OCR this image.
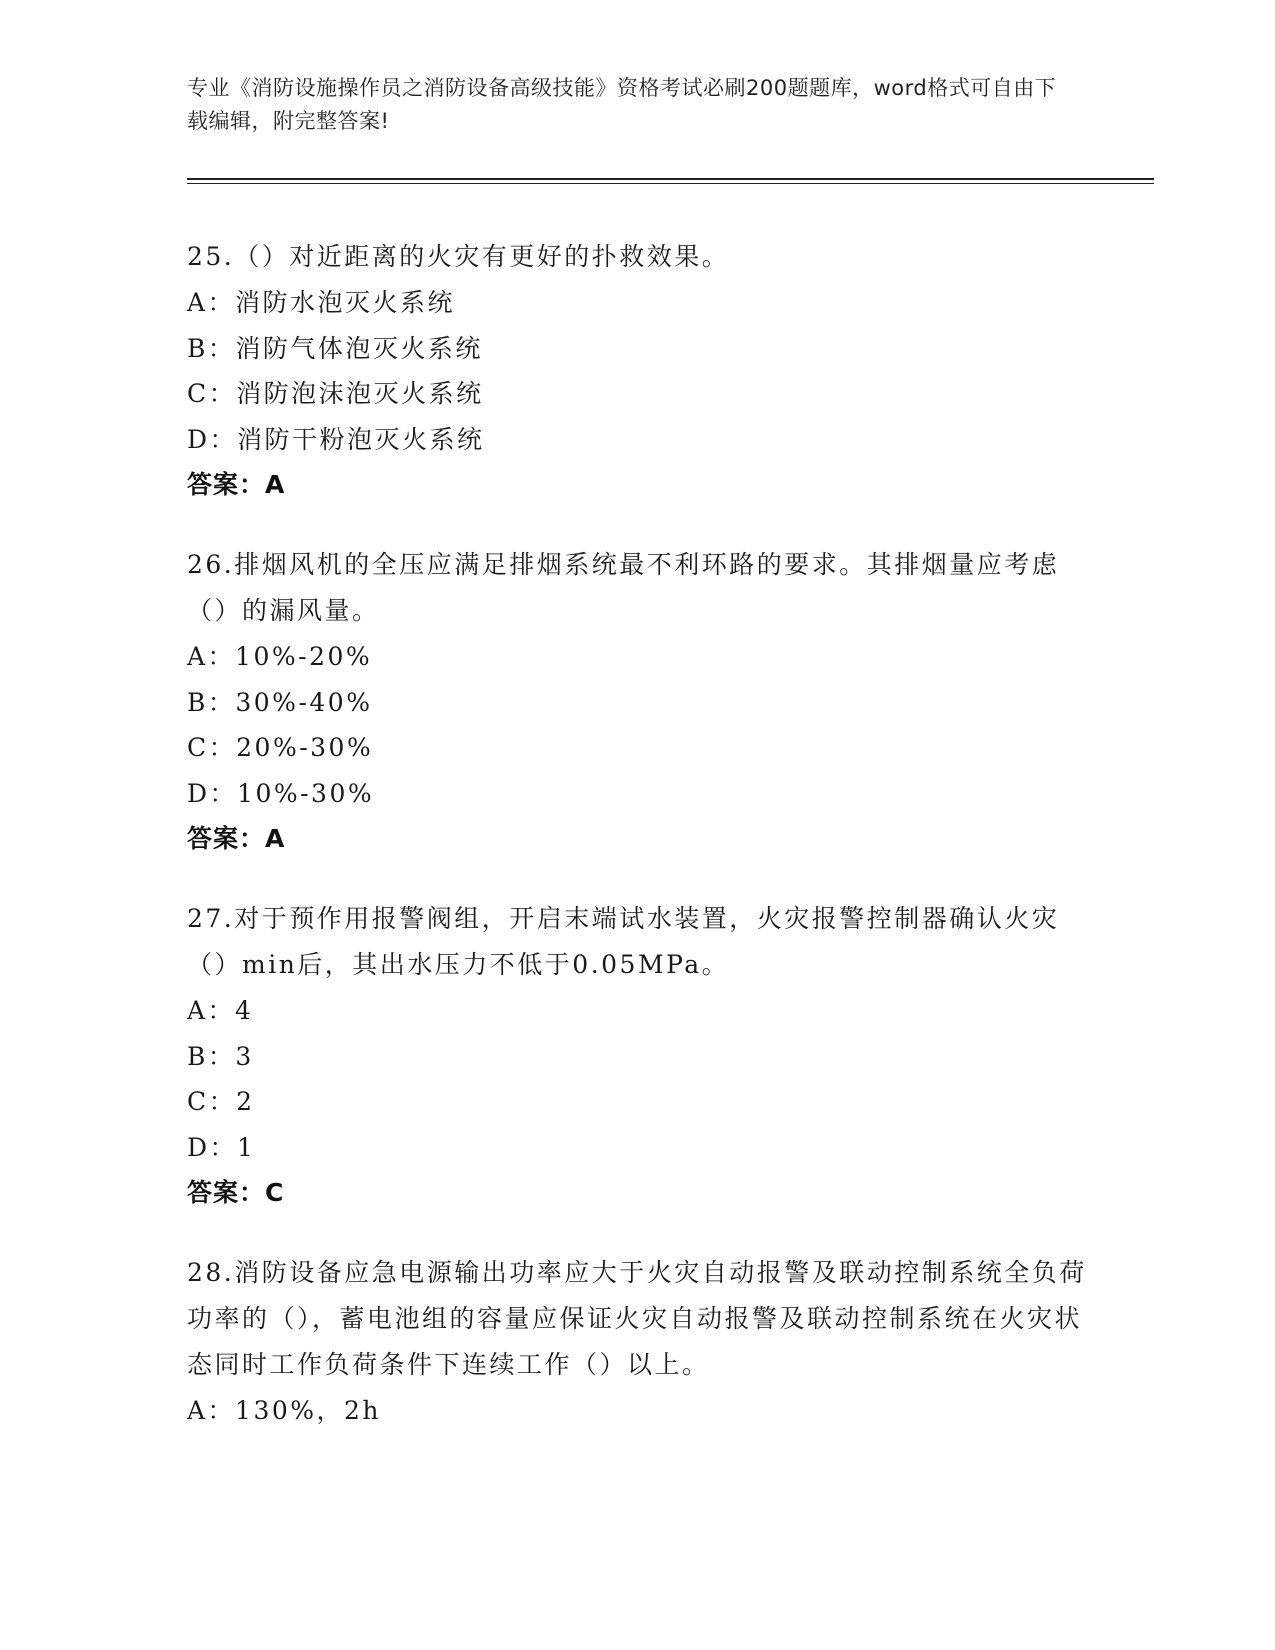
专业《消防设施操作员之消防设备高级技能》资格考试必刷200题题库，word格式可自由下载编辑，附完整答案!

25.（）对近距离的火灾有更好的扑救效果。

A：消防水泡灭火系统

B：消防气体泡灭火系统

C：消防泡沫泡灭火系统

D：消防干粉泡灭火系统

答案：A

26.排烟风机的全压应满足排烟系统最不利环路的要求。其排烟量应考虑（）的漏风量。

A：10%-20%

B：30%-40%

C：20%-30%

D：10%-30%

答案：A

27.对于预作用报警阀组，开启末端试水装置，火灾报警控制器确认火灾（）min后，其出水压力不低于0.05MPa。

A：4

B：3

C：2

D：1

答案：C

28.消防设备应急电源输出功率应大于火灾自动报警及联动控制系统全负荷功率的（），蓄电池组的容量应保证火灾自动报警及联动控制系统在火灾状态同时工作负荷条件下连续工作（）以上。

A：130%，2h
